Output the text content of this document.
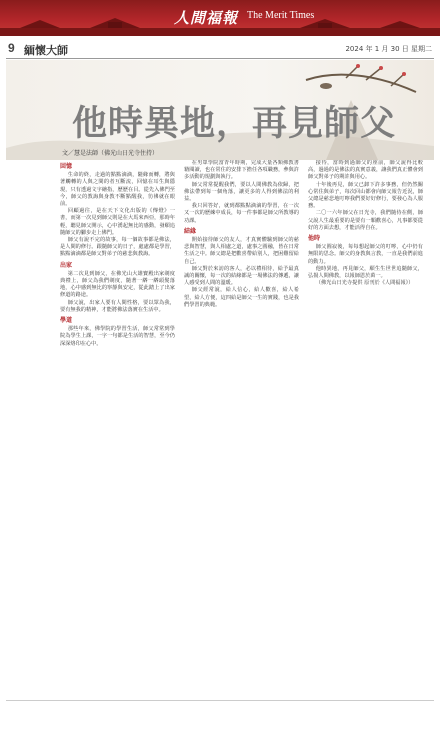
人間福報 The Merit Times
9 緬懷大師	2024 年 1 月 30 日 星期二
他時異地，再見師父
文／慧是法師（佛光山日光寺住持）

回憶

生命的終，走過的點點滴滴，隨緣而轉，將與著觸轉的人與之間的者互斷流，回憶在耳生與隱現，只有透過文字繪指，歷歷在目。從先入佛門至今，師父的教誨與身教不斷點醒我，彷彿就在眼前。

回顧過往，是在天下文化出版的《傳燈》一書，而第一次見到師父則是在大馬來西亞，那時年輕，聽見師父開示，心中湧起無比的感動，發願追隨師父的腳步走上佛門。

師父有說不完的故事，每一個故事都是佛法，是人間的修行。跟隨師父的日子，處處都是學習，點點滴滴都是師父對弟子的慈悲與教誨。

出家

第二次見到師父，在佛光山大雄寶殿出家剃度典禮上，師父為我們剃度，隨著一綹一綹頭髮落地，心中感到無比的寧靜與安定，從此踏上了出家修道的路途。

師父說，出家人要有人間性格，要以眾為我，要有無我的精神，才能將佛法落實在生活中。

學道

那些年來，佛學院的學習生活，師父常常到學院為學生上課，一字一句都是生活的智慧，至今仍深深烙印在心中。

在男眾學院當青年時期，完成大量各類佛教書籍閱讀，也在常住的安排下擔任各項職務，參與許多活動的規劃與執行。

師父常常提醒我們，要以人間佛教為依歸，把佛法帶到每一個角落，讓更多的人得到佛法的利益。

我只回答好，就到都點點滴滴的學習，在一次又一次的歷練中成長，每一件事都是師父所教導的功課。

結緣

開始接待師父的友人，才真實體驗到師父的慈悲與智慧，與人相處之道，處事之圓融，皆在日常生活之中。師父總是把歡喜帶給別人，把困難留給自己。

師父對於來訪的客人，必以禮相待，給予最真誠的關懷，每一次的結緣都是一場佛法的傳遞，讓人感受到人間的溫暖。

師父經常說，給人信心，給人歡喜，給人希望，給人方便，這四給是師父一生的實踐，也是我們學習的典範。

接待，當時到過師父的座前，師父說得比較高，過過的是佛法的真實意義，讓我們真正體會到師父對弟子的期許與用心。

十年後再見，師父已卸下許多事務，但仍然關心常住與弟子，每次回山都會向師父報告近況，師父總是慈悲地叮嚀我們要好好修行，要發心為人服務。

二〇一六年師父在日光寺，我們隨侍在側，師父說人生最重要的是要有一顆歡喜心，凡事都要從好的方面去想，才能活得自在。

他時

師父圓寂後，每每想起師父的叮嚀，心中仍有無限的思念。師父的身教與言教，一直是我們前進的動力。

他時異地，再見師父，願生生世世追隨師父，弘揚人間佛教，以報師恩於萬一。

（佛光山日光寺提供 原刊於《人間福報》）
